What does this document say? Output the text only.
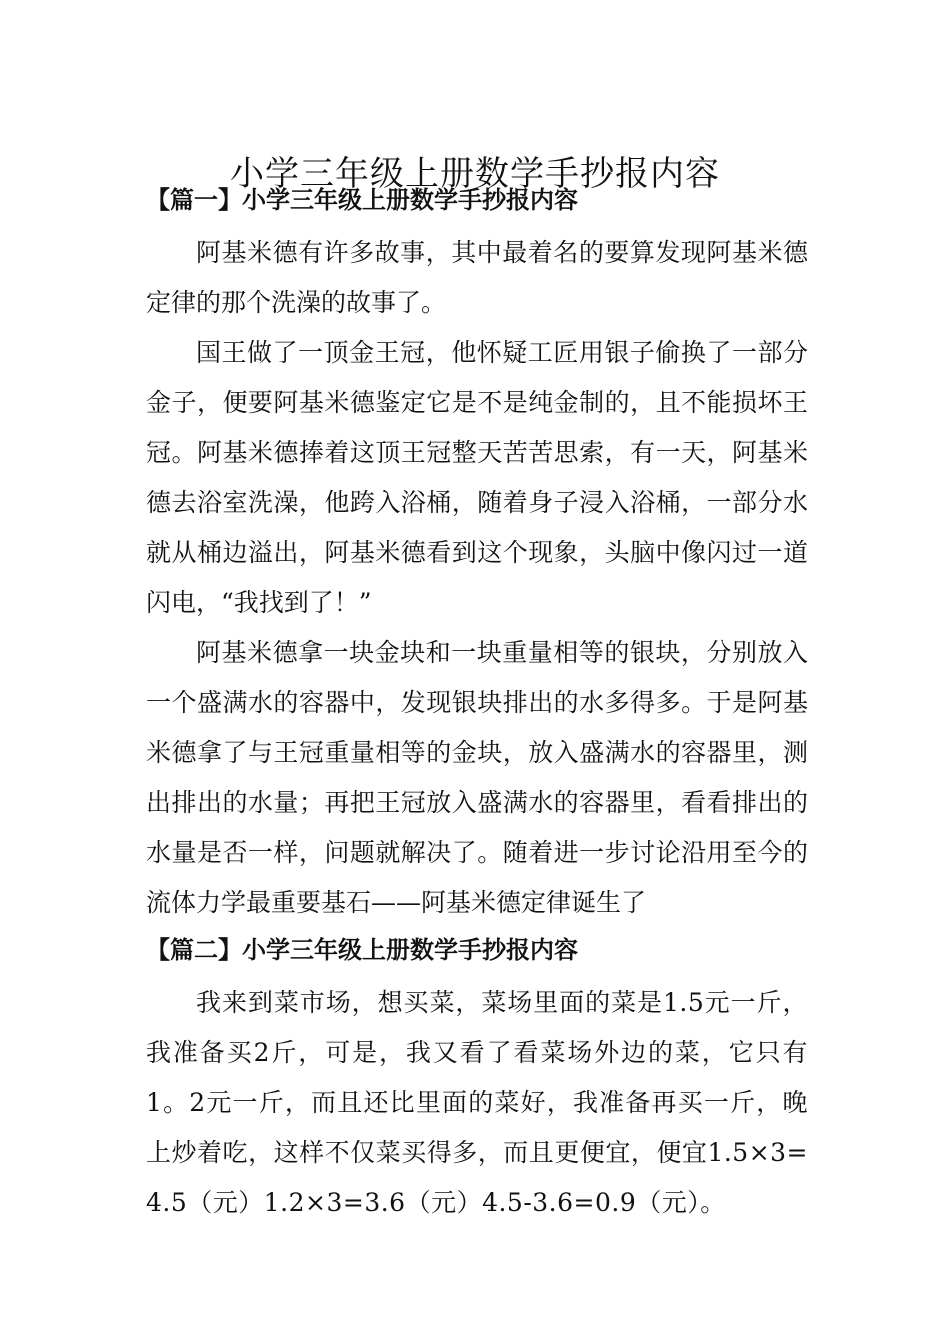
小学三年级上册数学手抄报内容
【篇一】小学三年级上册数学手抄报内容

阿基米德有许多故事，其中最着名的要算发现阿基米德定律的那个洗澡的故事了。

国王做了一顶金王冠，他怀疑工匠用银子偷换了一部分金子，便要阿基米德鉴定它是不是纯金制的，且不能损坏王冠。阿基米德捧着这顶王冠整天苦苦思索，有一天，阿基米德去浴室洗澡，他跨入浴桶，随着身子浸入浴桶，一部分水就从桶边溢出，阿基米德看到这个现象，头脑中像闪过一道闪电，“我找到了！”

阿基米德拿一块金块和一块重量相等的银块，分别放入一个盛满水的容器中，发现银块排出的水多得多。于是阿基米德拿了与王冠重量相等的金块，放入盛满水的容器里，测出排出的水量；再把王冠放入盛满水的容器里，看看排出的水量是否一样，问题就解决了。随着进一步讨论沿用至今的流体力学最重要基石——阿基米德定律诞生了

【篇二】小学三年级上册数学手抄报内容

我来到菜市场，想买菜，菜场里面的菜是1.5元一斤，我准备买2斤，可是，我又看了看菜场外边的菜，它只有1。2元一斤，而且还比里面的菜好，我准备再买一斤，晚上炒着吃，这样不仅菜买得多，而且更便宜，便宜1.5×3=4.5（元）1.2×3=3.6（元）4.5-3.6=0.9（元）。
